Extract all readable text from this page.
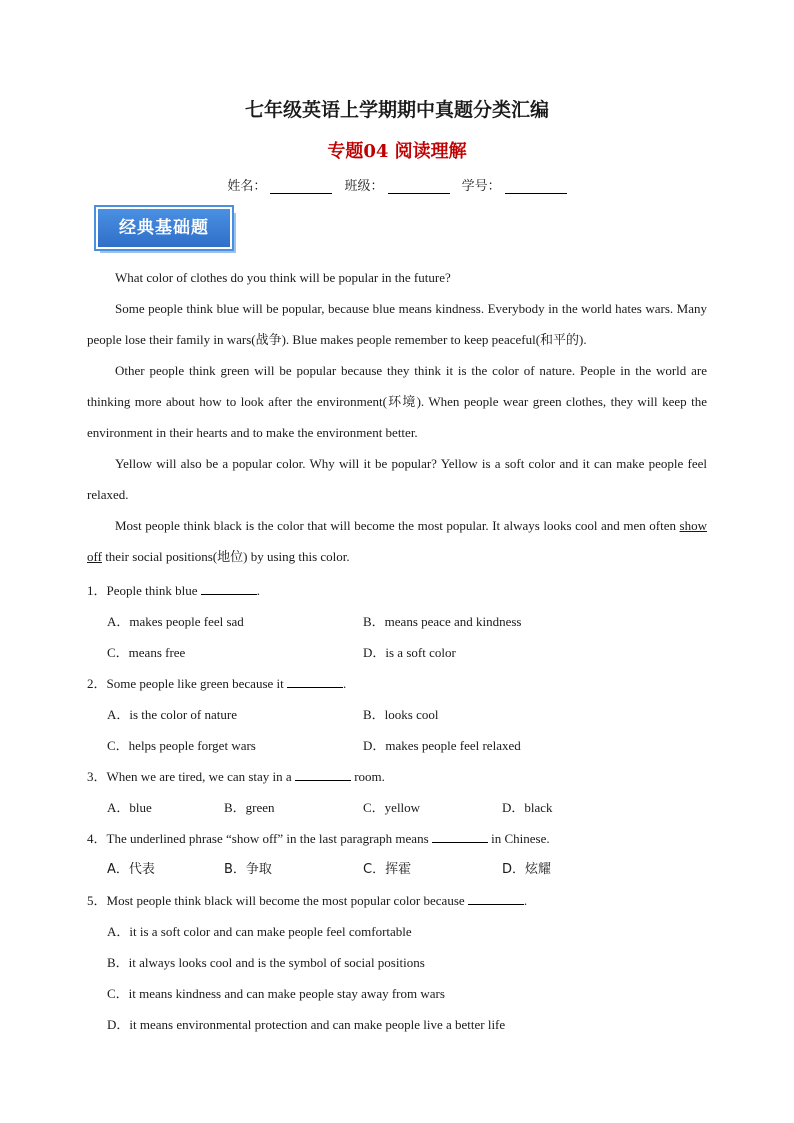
七年级英语上学期期中真题分类汇编
专题04 阅读理解
姓名：	班级：	学号：
经典基础题

What color of clothes do you think will be popular in the future?

Some people think blue will be popular, because blue means kindness. Everybody in the world hates wars. Many people lose their family in wars(战争). Blue makes people remember to keep peaceful(和平的).

Other people think green will be popular because they think it is the color of nature. People in the world are thinking more about how to look after the environment(环境). When people wear green clothes, they will keep the environment in their hearts and to make the environment better.

Yellow will also be a popular color. Why will it be popular? Yellow is a soft color and it can make people feel relaxed.

Most people think black is the color that will become the most popular. It always looks cool and men often show off their social positions(地位) by using this color.

1．People think blue	.
A．makes people feel sad	B．means peace and kindness
C．means free	D．is a soft color
2．Some people like green because it	.
A．is the color of nature	B．looks cool
C．helps people forget wars	D．makes people feel relaxed
3．When we are tired, we can stay in a	room.
A．blue	B．green	C．yellow	D．black
4．The underlined phrase “show off” in the last paragraph means	in Chinese.
A．代表	B．争取	C．挥霍	D．炫耀
5．Most people think black will become the most popular color because	.
A．it is a soft color and can make people feel comfortable
B．it always looks cool and is the symbol of social positions
C．it means kindness and can make people stay away from wars
D．it means environmental protection and can make people live a better life
